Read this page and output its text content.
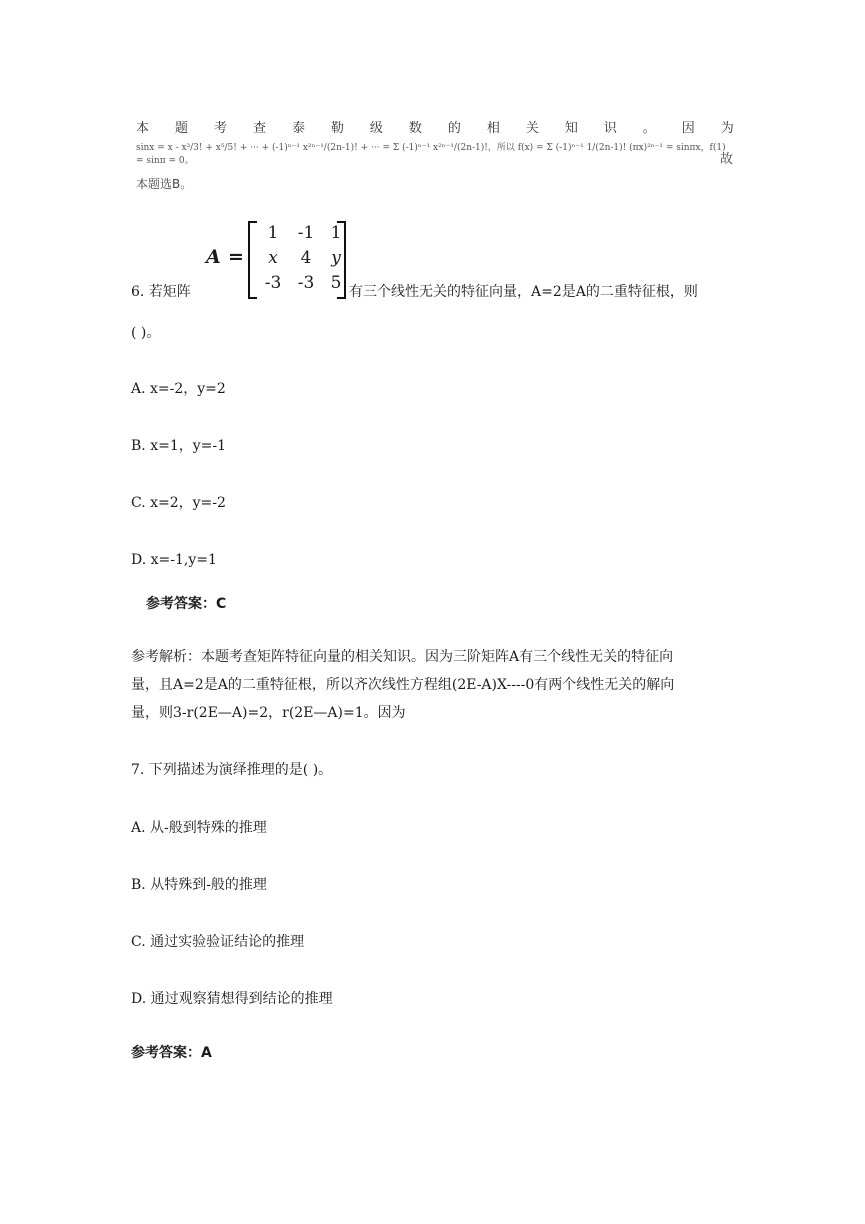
本 题 考 查 泰 勒 级 数 的 相 关 知 识 。 因 为
sinx = x - x³/3! + x⁵/5! + ··· + (-1)ⁿ⁻¹ x²ⁿ⁻¹/(2n-1)! + ··· = Σ (-1)ⁿ⁻¹ x²ⁿ⁻¹/(2n-1)!，所以 f(x) = Σ (-1)ⁿ⁻¹ 1/(2n-1)! (πx)²ⁿ⁻¹ = sinπx，f(1) = sinπ = 0。	故
本题选B。
A =
1	-1 1
x	4	y
-3 -3 5
6. 若矩阵	有三个线性无关的特征向量，A=2是A的二重特征根，则
( )。
A. x=-2，y=2
B. x=1，y=-1
C. x=2，y=-2
D. x=-1,y=1
参考答案：C
参考解析：本题考查矩阵特征向量的相关知识。因为三阶矩阵A有三个线性无关的特征向
量，且A=2是A的二重特征根，所以齐次线性方程组(2E-A)X----0有两个线性无关的解向
量，则3-r(2E—A)=2，r(2E—A)=1。因为
7. 下列描述为演绎推理的是( )。
A. 从-般到特殊的推理
B. 从特殊到-般的推理
C. 通过实验验证结论的推理
D. 通过观察猜想得到结论的推理
参考答案：A
